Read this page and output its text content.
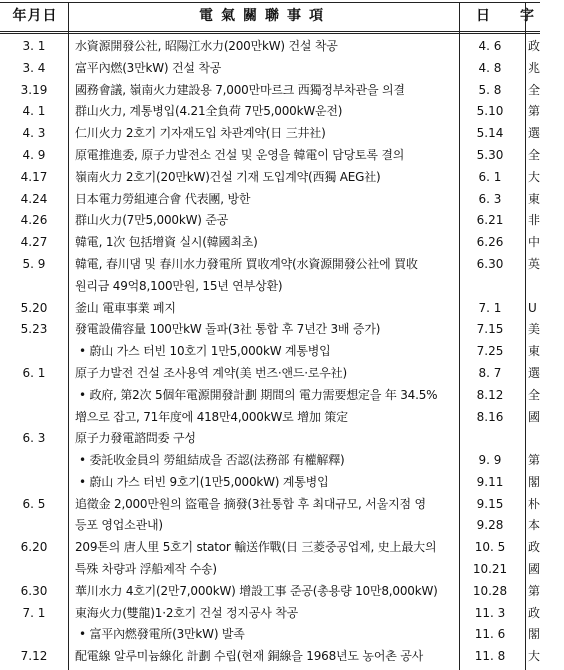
年月日	電氣關聯事項	日字
3. 1	水資源開發公社, 昭陽江水力(200만kW) 건설 착공	4. 6	政
3. 4	富平內燃(3만kW) 건설 착공	4. 8	兆
3.19	國務會議, 嶺南火力建設용 7,000만마르크 西獨정부차관을 의결	5. 8	全
4. 1	群山火力, 계통병입(4.21全負荷 7만5,000kW운전)	5.10	第
4. 3	仁川火力 2호기 기자재도입 차관계약(日 三井社)	5.14	選
4. 9	原電推進委, 原子力발전소 건설 및 운영을 韓電이 담당토록 결의	5.30	全
4.17	嶺南火力 2호기(20만kW)건설 기재 도입계약(西獨 AEG社)	6. 1	大
4.24	日本電力勞組連合會 代表團, 방한	6. 3	東
4.26	群山火力(7만5,000kW) 준공	6.21	非
4.27	韓電, 1次 包括增資 실시(韓國최초)	6.26	中
5. 9	韓電, 春川댐 및 春川水力發電所 買收계약(水資源開發公社에 買收	6.30	英
원리금 49억8,100만원, 15년 연부상환)
5.20	釜山 電車事業 폐지	7. 1	U
5.23	發電設備容量 100만kW 돌파(3社 통합 후 7년간 3배 증가)	7.15	美
• 蔚山 가스 터빈 10호기 1만5,000kW 계통병입	7.25	東
6. 1	原子力발전 건설 조사용역 계약(美 번즈·앤드·로우社)	8. 7	選
• 政府, 第2次 5個年電源開發計劃 期間의 電力需要想定을 年 34.5%	8.12	全
增으로 잡고, 71年度에 418만4,000kW로 增加 策定	8.16	國
6. 3	原子力發電諮問委 구성
• 委託收金員의 勞組結成을 否認(法務部 有權解釋)	9. 9	第
• 蔚山 가스 터빈 9호기(1만5,000kW) 계통병입	9.11	閣
6. 5	追徵金 2,000만원의 盜電을 摘發(3社통합 후 최대규모, 서울지점 영	9.15	朴
등포 영업소관내)	9.28	本
6.20	209톤의 唐人里 5호기 stator 輸送作戰(日 三菱중공업제, 史上最大의	10. 5	政
특殊 차량과 浮船제작 수송)	10.21	國
6.30	華川水力 4호기(2만7,000kW) 增設工事 준공(총용량 10만8,000kW)	10.28	第
7. 1	東海火力(雙龍)1·2호기 건설 정지공사 착공	11. 3	政
• 富平內燃發電所(3만kW) 발족	11. 6	閣
7.12	配電線 알루미늄線化 計劃 수립(현재 銅線을 1968년도 농어촌 공사	11. 8	大
